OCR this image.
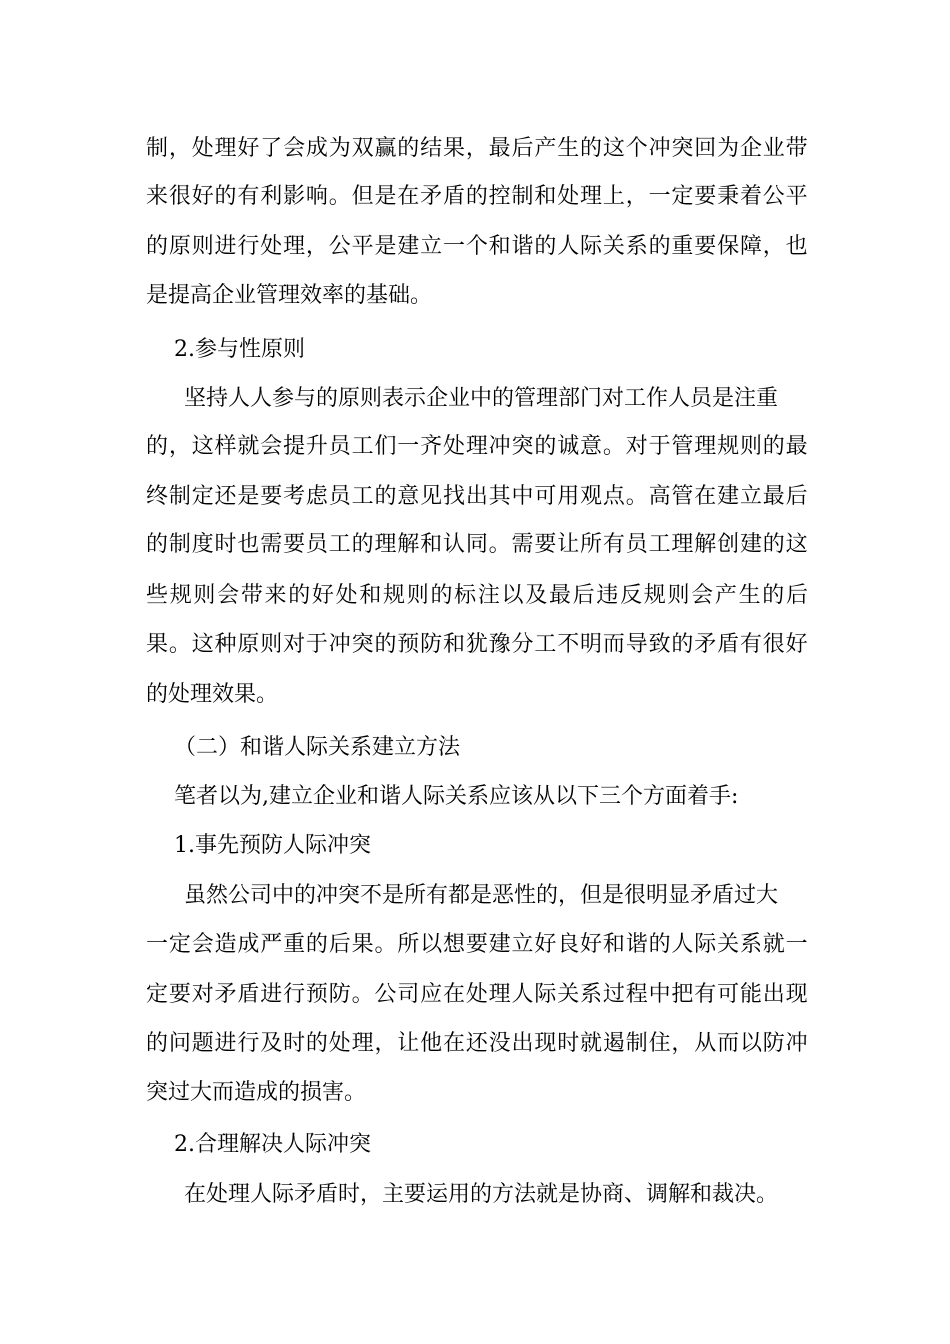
制 ， 处 理 好 了 会 成 为 双 赢 的 结 果 ， 最 后 产 生 的 这 个 冲 突 回 为 企 业 带
来 很 好 的 有 利 影 响 。 但 是 在 矛 盾 的 控 制 和 处 理 上 ， 一 定 要 秉 着 公 平
的 原 则 进 行 处 理 ， 公 平 是 建 立 一 个 和 谐 的 人 际 关 系 的 重 要 保 障 ， 也
是提高企业管理效率的基础。
2.参与性原则
坚持人人参与的原则表示企业中的管理部门对工作人员是注重
的 ， 这 样 就 会 提 升 员 工 们 一 齐 处 理 冲 突 的 诚 意 。 对 于 管 理 规 则 的 最
终 制 定 还 是 要 考 虑 员 工 的 意 见 找 出 其 中 可 用 观 点 。 高 管 在 建 立 最 后
的 制 度 时 也 需 要 员 工 的 理 解 和 认 同 。 需 要 让 所 有 员 工 理 解 创 建 的 这
些 规 则 会 带 来 的 好 处 和 规 则 的 标 注 以 及 最 后 违 反 规 则 会 产 生 的 后
果 。 这 种 原 则 对 于 冲 突 的 预 防 和 犹 豫 分 工 不 明 而 导 致 的 矛 盾 有 很 好
的处理效果。
（二）和谐人际关系建立方法
笔者以为,建立企业和谐人际关系应该从以下三个方面着手:
1.事先预防人际冲突
虽然公司中的冲突不是所有都是恶性的，但是很明显矛盾过大
一 定 会 造 成 严 重 的 后 果 。 所 以 想 要 建 立 好 良 好 和 谐 的 人 际 关 系 就 一
定 要 对 矛 盾 进 行 预 防 。 公 司 应 在 处 理 人 际 关 系 过 程 中 把 有 可 能 出 现
的 问 题 进 行 及 时 的 处 理 ， 让 他 在 还 没 出 现 时 就 遏 制 住 ， 从 而 以 防 冲
突过大而造成的损害。
2.合理解决人际冲突
在处理人际矛盾时，主要运用的方法就是协商、调解和裁决。
